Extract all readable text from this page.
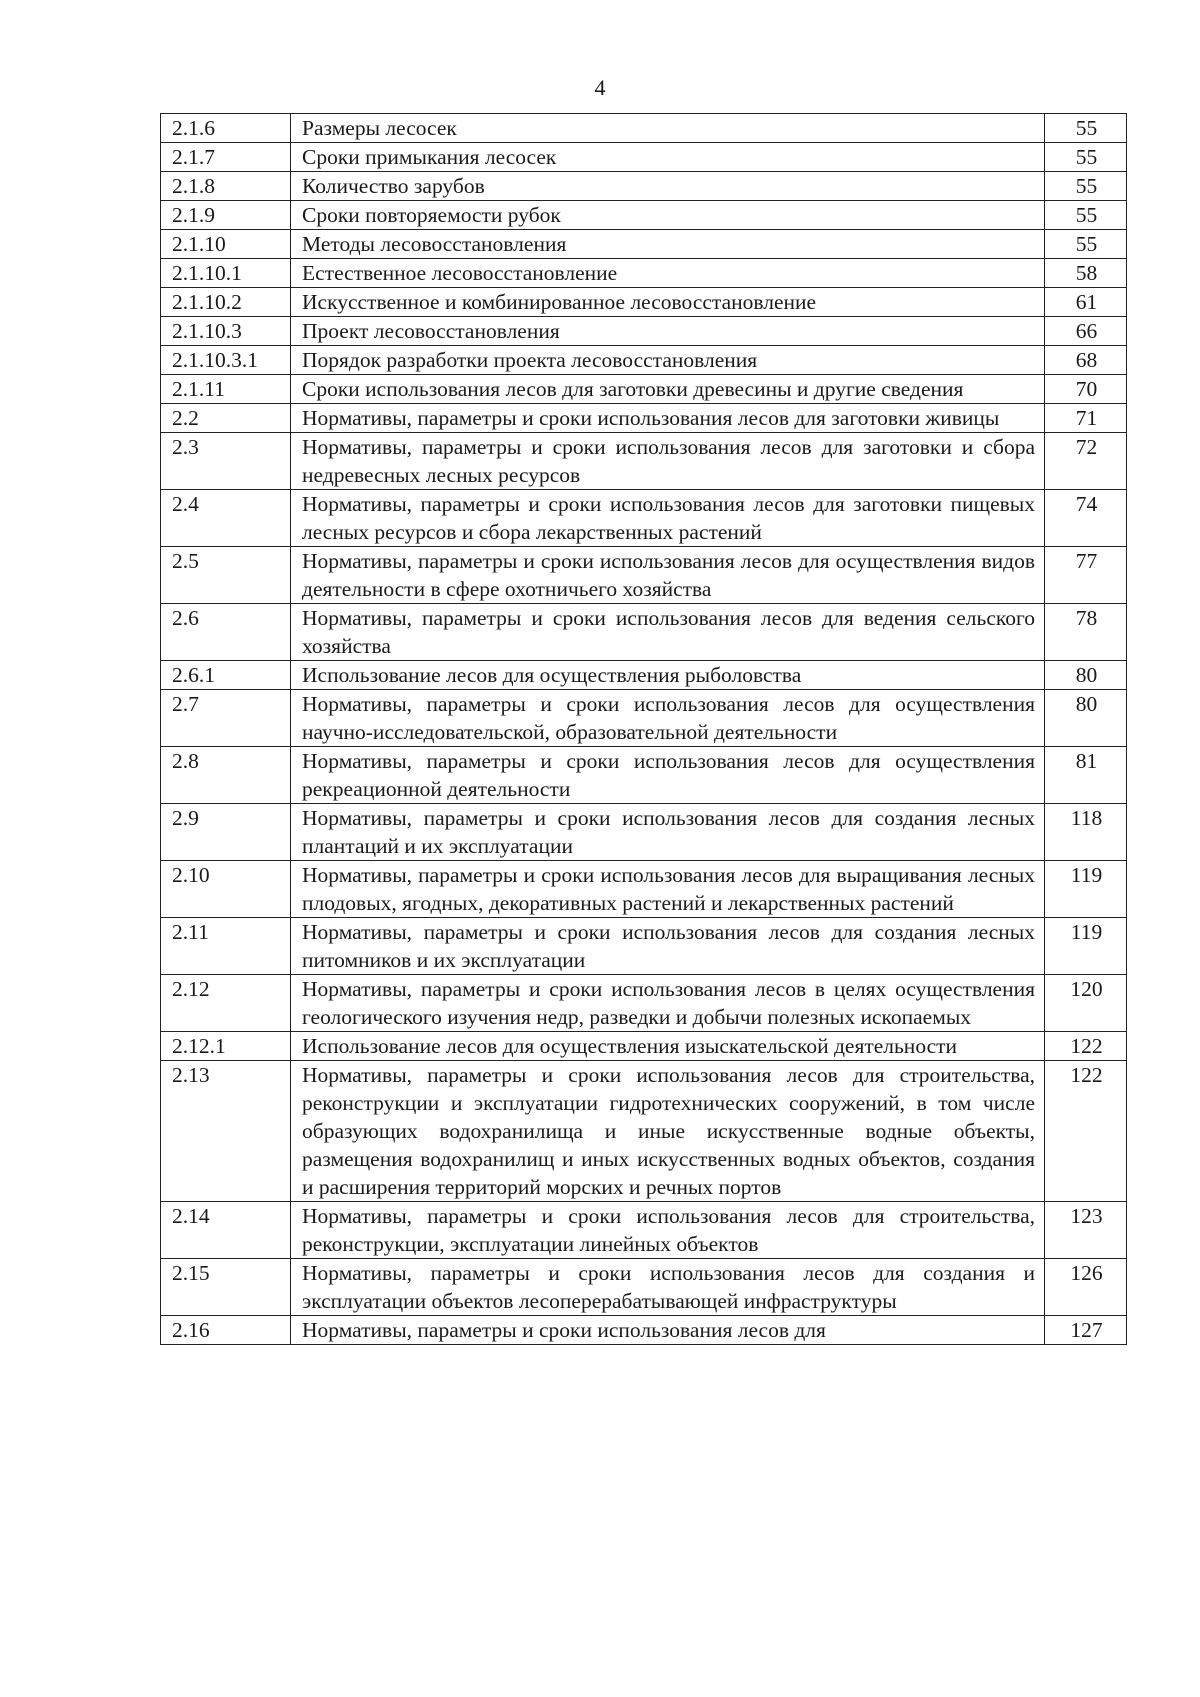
4
2.1.6	Размеры лесосек	55
2.1.7	Сроки примыкания лесосек	55
2.1.8	Количество зарубов	55
2.1.9	Сроки повторяемости рубок	55
2.1.10	Методы лесовосстановления	55
2.1.10.1	Естественное лесовосстановление	58
2.1.10.2	Искусственное и комбинированное лесовосстановление	61
2.1.10.3	Проект лесовосстановления	66
2.1.10.3.1	Порядок разработки проекта лесовосстановления	68
2.1.11	Сроки использования лесов для заготовки древесины и другие сведения	70
2.2	Нормативы, параметры и сроки использования лесов для заготовки живицы	71
2.3	Нормативы, параметры и сроки использования лесов для заготовки и сбора недревесных лесных ресурсов	72
2.4	Нормативы, параметры и сроки использования лесов для заготовки пищевых лесных ресурсов и сбора лекарственных растений	74
2.5	Нормативы, параметры и сроки использования лесов для осуществления видов деятельности в сфере охотничьего хозяйства	77
2.6	Нормативы, параметры и сроки использования лесов для ведения сельского хозяйства	78
2.6.1	Использование лесов для осуществления рыболовства	80
2.7	Нормативы, параметры и сроки использования лесов для осуществления научно-исследовательской, образовательной деятельности	80
2.8	Нормативы, параметры и сроки использования лесов для осуществления рекреационной деятельности	81
2.9	Нормативы, параметры и сроки использования лесов для создания лесных плантаций и их эксплуатации	118
2.10	Нормативы, параметры и сроки использования лесов для выращивания лесных плодовых, ягодных, декоративных растений и лекарственных растений	119
2.11	Нормативы, параметры и сроки использования лесов для создания лесных питомников и их эксплуатации	119
2.12	Нормативы, параметры и сроки использования лесов в целях осуществления геологического изучения недр, разведки и добычи полезных ископаемых	120
2.12.1	Использование лесов для осуществления изыскательской деятельности	122
2.13	Нормативы, параметры и сроки использования лесов для строительства, реконструкции и эксплуатации гидротехнических сооружений, в том числе образующих водохранилища и иные искусственные водные объекты, размещения водохранилищ и иных искусственных водных объектов, создания и расширения территорий морских и речных портов	122
2.14	Нормативы, параметры и сроки использования лесов для строительства, реконструкции, эксплуатации линейных объектов	123
2.15	Нормативы, параметры и сроки использования лесов для создания и эксплуатации объектов лесоперерабатывающей инфраструктуры	126
2.16	Нормативы, параметры и сроки использования лесов для	127
